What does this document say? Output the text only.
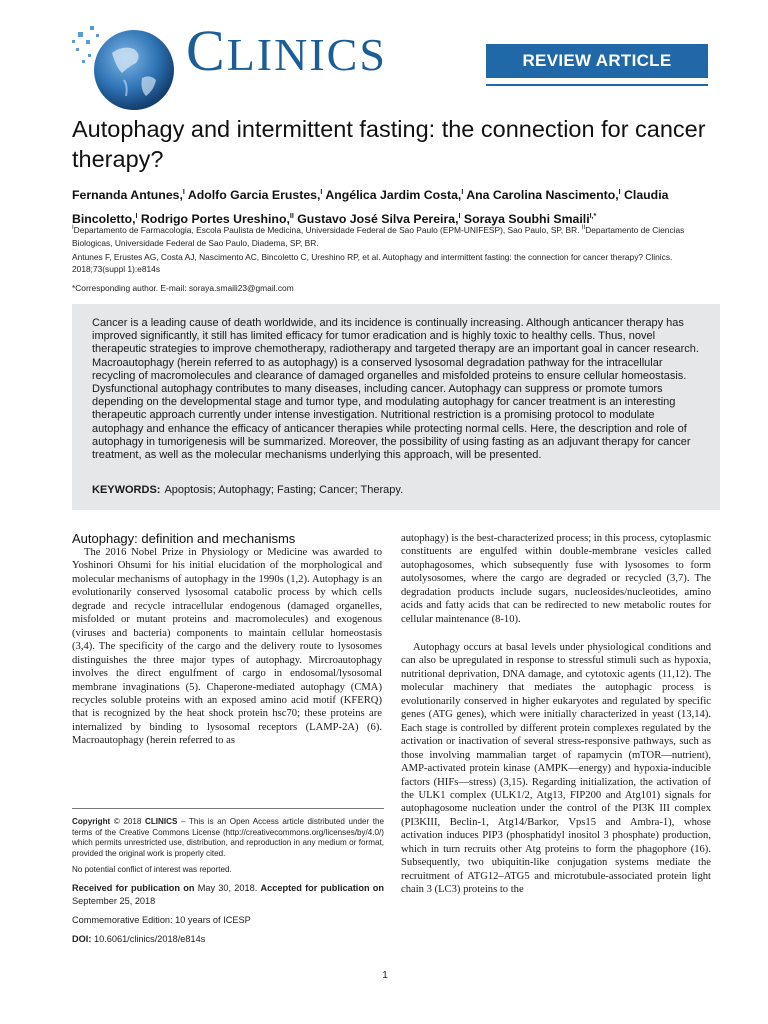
CLINICS	REVIEW ARTICLE
Autophagy and intermittent fasting: the connection for cancer therapy?
Fernanda Antunes,$^I$ Adolfo Garcia Erustes,$^I$ Angélica Jardim Costa,$^I$ Ana Carolina Nascimento,$^I$ Claudia Bincoletto,$^I$ Rodrigo Portes Ureshino,$^{II}$ Gustavo José Silva Pereira,$^I$ Soraya Soubhi Smaili$^{I,*}$
$^I$Departamento de Farmacologia, Escola Paulista de Medicina, Universidade Federal de Sao Paulo (EPM-UNIFESP), Sao Paulo, SP, BR. $^{II}$Departamento de Ciencias Biologicas, Universidade Federal de Sao Paulo, Diadema, SP, BR.
Antunes F, Erustes AG, Costa AJ, Nascimento AC, Bincoletto C, Ureshino RP, et al. Autophagy and intermittent fasting: the connection for cancer therapy? Clinics. 2018;73(suppl 1):e814s
*Corresponding author. E-mail: soraya.smaili23@gmail.com

Cancer is a leading cause of death worldwide, and its incidence is continually increasing. Although anticancer therapy has improved significantly, it still has limited efficacy for tumor eradication and is highly toxic to healthy cells. Thus, novel therapeutic strategies to improve chemotherapy, radiotherapy and targeted therapy are an important goal in cancer research. Macroautophagy (herein referred to as autophagy) is a conserved lysosomal degradation pathway for the intracellular recycling of macromolecules and clearance of damaged organelles and misfolded proteins to ensure cellular homeostasis. Dysfunctional autophagy contributes to many diseases, including cancer. Autophagy can suppress or promote tumors depending on the developmental stage and tumor type, and modulating autophagy for cancer treatment is an interesting therapeutic approach currently under intense investigation. Nutritional restriction is a promising protocol to modulate autophagy and enhance the efficacy of anticancer therapies while protecting normal cells. Here, the description and role of autophagy in tumorigenesis will be summarized. Moreover, the possibility of using fasting as an adjuvant therapy for cancer treatment, as well as the molecular mechanisms underlying this approach, will be presented.

KEYWORDS: Apoptosis; Autophagy; Fasting; Cancer; Therapy.
Autophagy: definition and mechanisms

The 2016 Nobel Prize in Physiology or Medicine was awarded to Yoshinori Ohsumi for his initial elucidation of the morphological and molecular mechanisms of autophagy in the 1990s (1,2). Autophagy is an evolutionarily conserved lysosomal catabolic process by which cells degrade and recycle intracellular endogenous (damaged organelles, misfolded or mutant proteins and macromolecules) and exogenous (viruses and bacteria) components to maintain cellular homeostasis (3,4). The specificity of the cargo and the delivery route to lysosomes distinguishes the three major types of autophagy. Mircroautophagy involves the direct engulfment of cargo in endosomal/lysosomal membrane invaginations (5). Chaperone-mediated autophagy (CMA) recycles soluble proteins with an exposed amino acid motif (KFERQ) that is recognized by the heat shock protein hsc70; these proteins are internalized by binding to lysosomal receptors (LAMP-2A) (6). Macroautophagy (herein referred to as

autophagy) is the best-characterized process; in this process, cytoplasmic constituents are engulfed within double-membrane vesicles called autophagosomes, which subsequently fuse with lysosomes to form autolysosomes, where the cargo are degraded or recycled (3,7). The degradation products include sugars, nucleosides/nucleotides, amino acids and fatty acids that can be redirected to new metabolic routes for cellular maintenance (8-10).

Autophagy occurs at basal levels under physiological conditions and can also be upregulated in response to stressful stimuli such as hypoxia, nutritional deprivation, DNA damage, and cytotoxic agents (11,12). The molecular machinery that mediates the autophagic process is evolutionarily conserved in higher eukaryotes and regulated by specific genes (ATG genes), which were initially characterized in yeast (13,14). Each stage is controlled by different protein complexes regulated by the activation or inactivation of several stress-responsive pathways, such as those involving mammalian target of rapamycin (mTOR—nutrient), AMP-activated protein kinase (AMPK—energy) and hypoxia-inducible factors (HIFs—stress) (3,15). Regarding initialization, the activation of the ULK1 complex (ULK1/2, Atg13, FIP200 and Atg101) signals for autophagosome nucleation under the control of the PI3K III complex (PI3KIII, Beclin-1, Atg14/Barkor, Vps15 and Ambra-1), whose activation induces PIP3 (phosphatidyl inositol 3 phosphate) production, which in turn recruits other Atg proteins to form the phagophore (16). Subsequently, two ubiquitin-like conjugation systems mediate the recruitment of ATG12–ATG5 and microtubule-associated protein light chain 3 (LC3) proteins to the

Copyright © 2018 CLINICS – This is an Open Access article distributed under the terms of the Creative Commons License (http://creativecommons.org/licenses/by/4.0/) which permits unrestricted use, distribution, and reproduction in any medium or format, provided the original work is properly cited.

No potential conflict of interest was reported.

Received for publication on May 30, 2018. Accepted for publication on September 25, 2018

Commemorative Edition: 10 years of ICESP

DOI: 10.6061/clinics/2018/e814s

1
